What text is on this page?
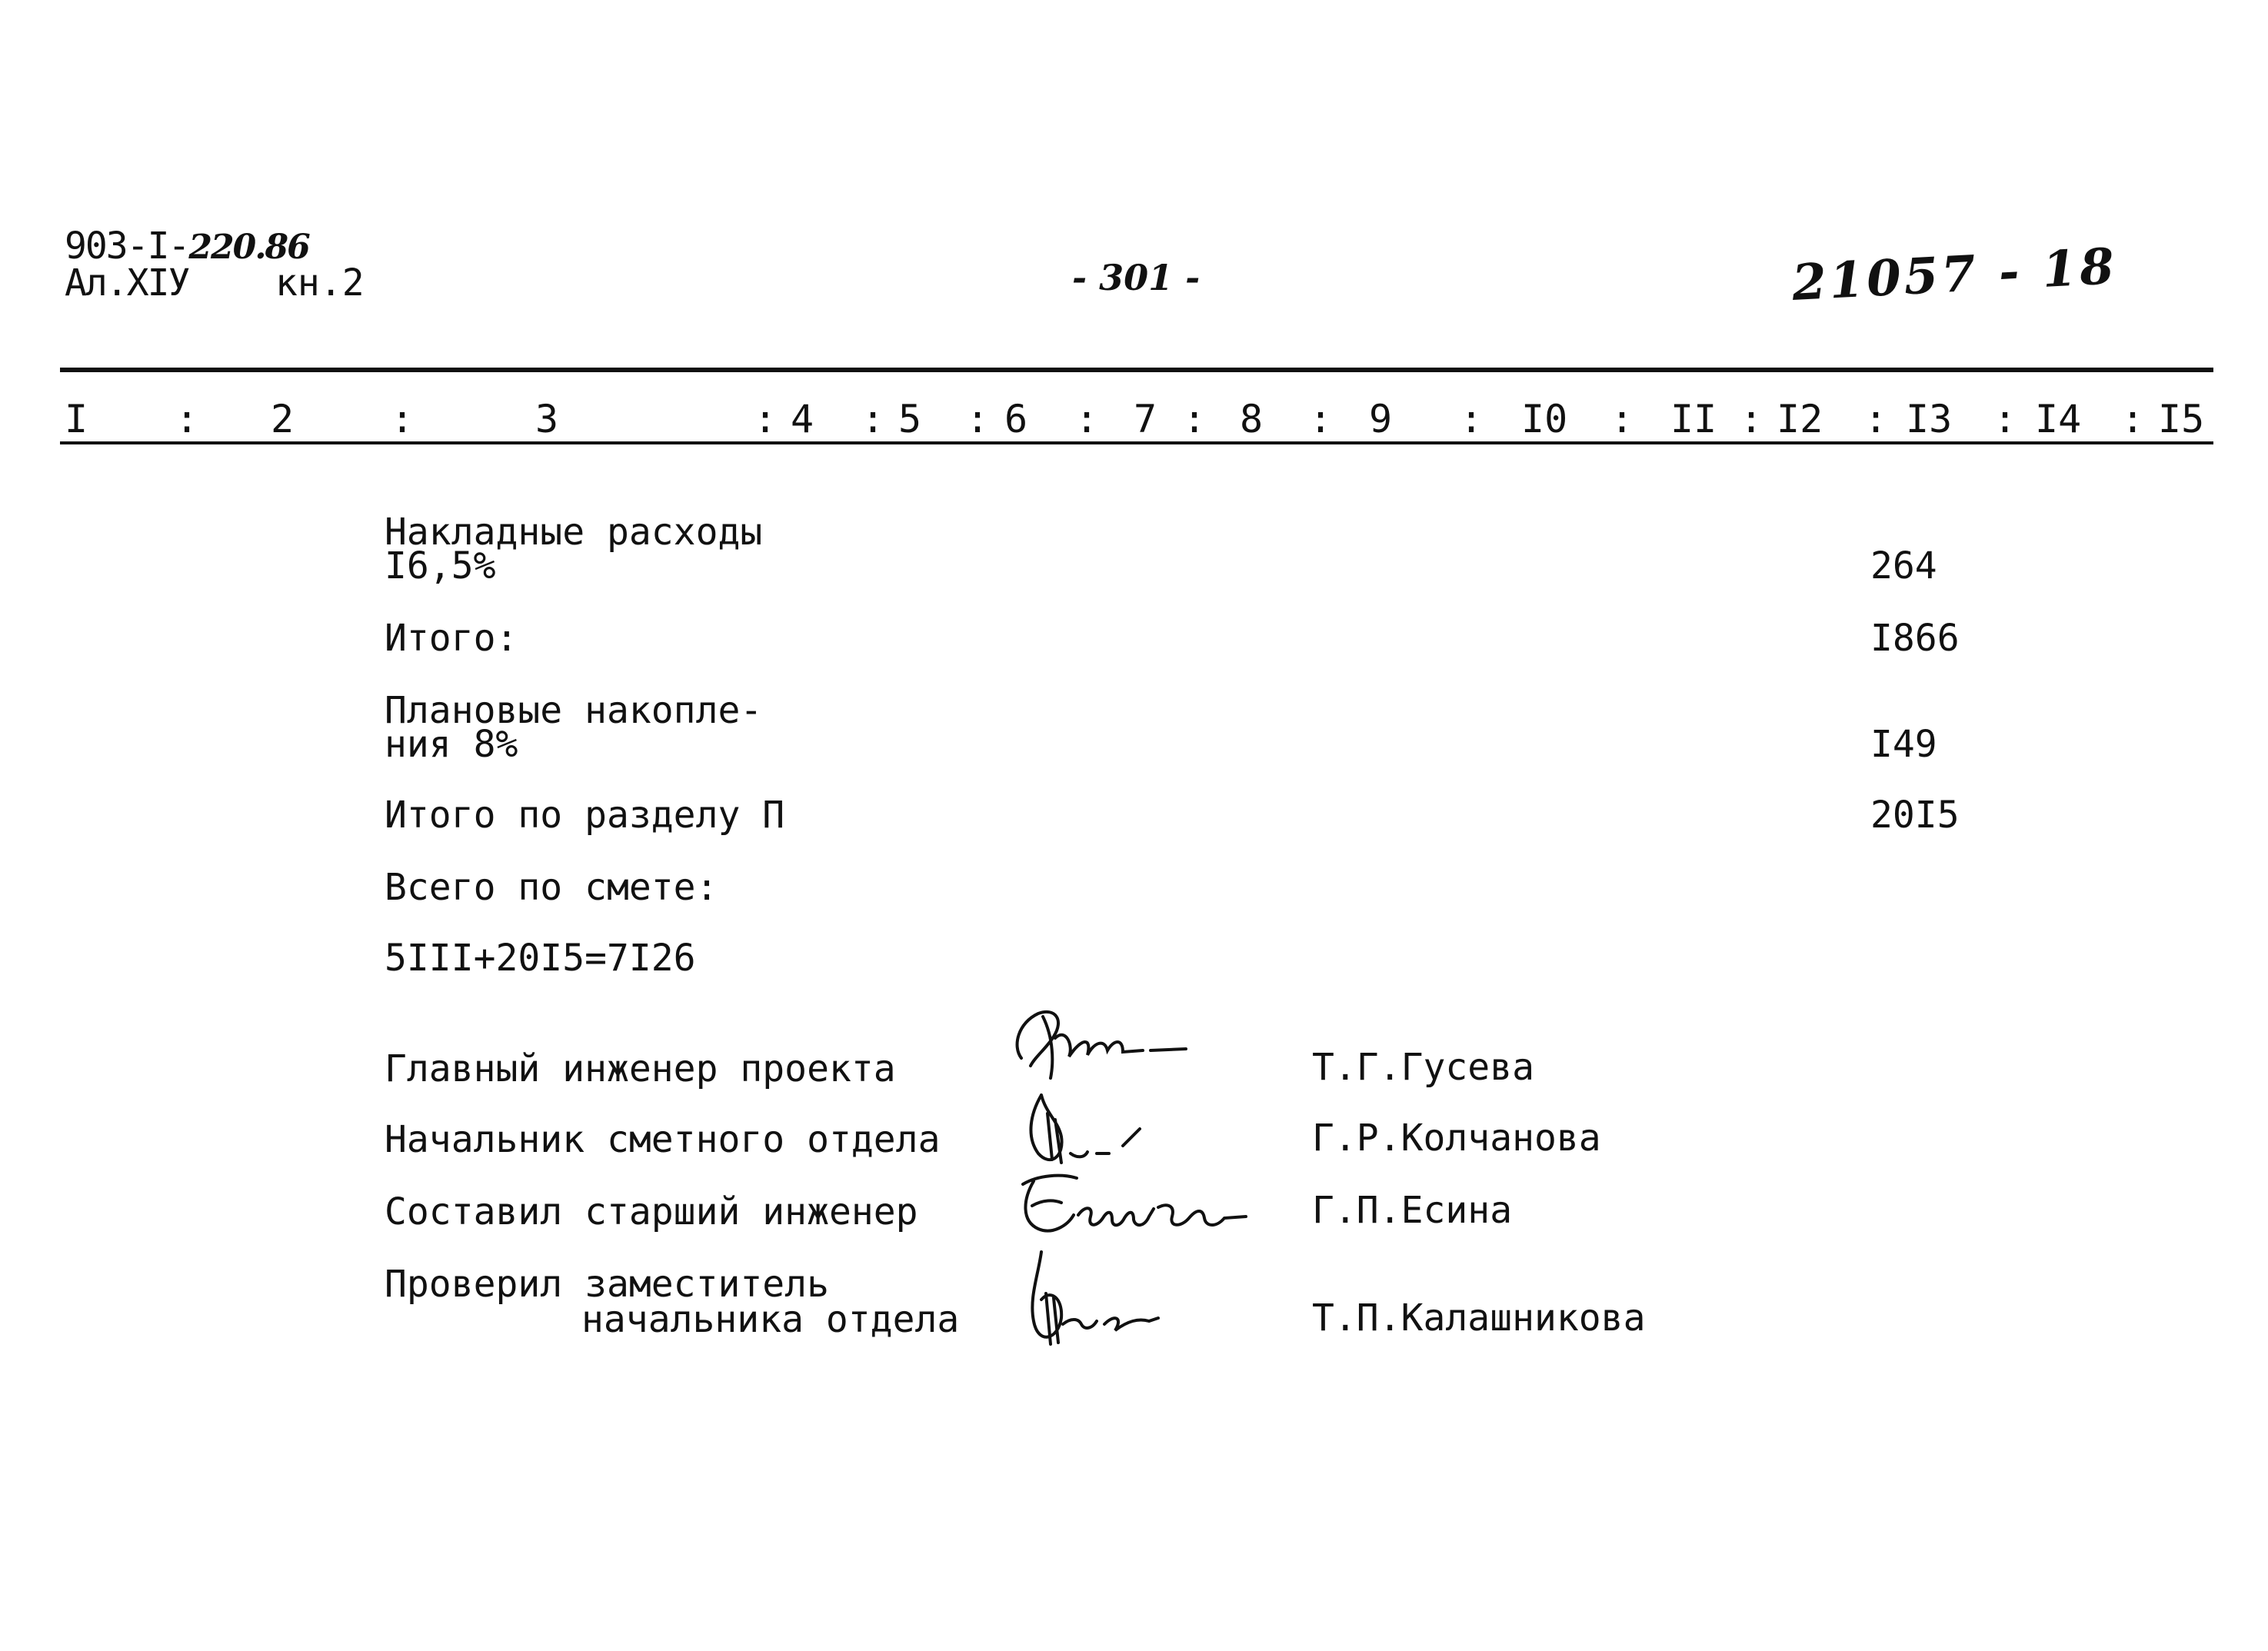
903-I-220.86
Ал.XIУ кн.2	- 301 -	21057 - 18
I : 2	:	3	: 4 : 5 : 6 : 7 : 8 : 9 : I0 : II : I2 : I3 : I4 : I5
Накладные расходы
I6,5%	264
Итого:	I866
Плановые накопле-
ния 8%	I49
Итого по разделу П	20I5
Всего по смете:
5III+20I5=7I26
Главный инженер проекта	Т.Г.Гусева
Начальник сметного отдела	Г.Р.Колчанова
Составил старший инженер	Г.П.Есина
Проверил заместитель
начальника отдела	Т.П.Калашникова
